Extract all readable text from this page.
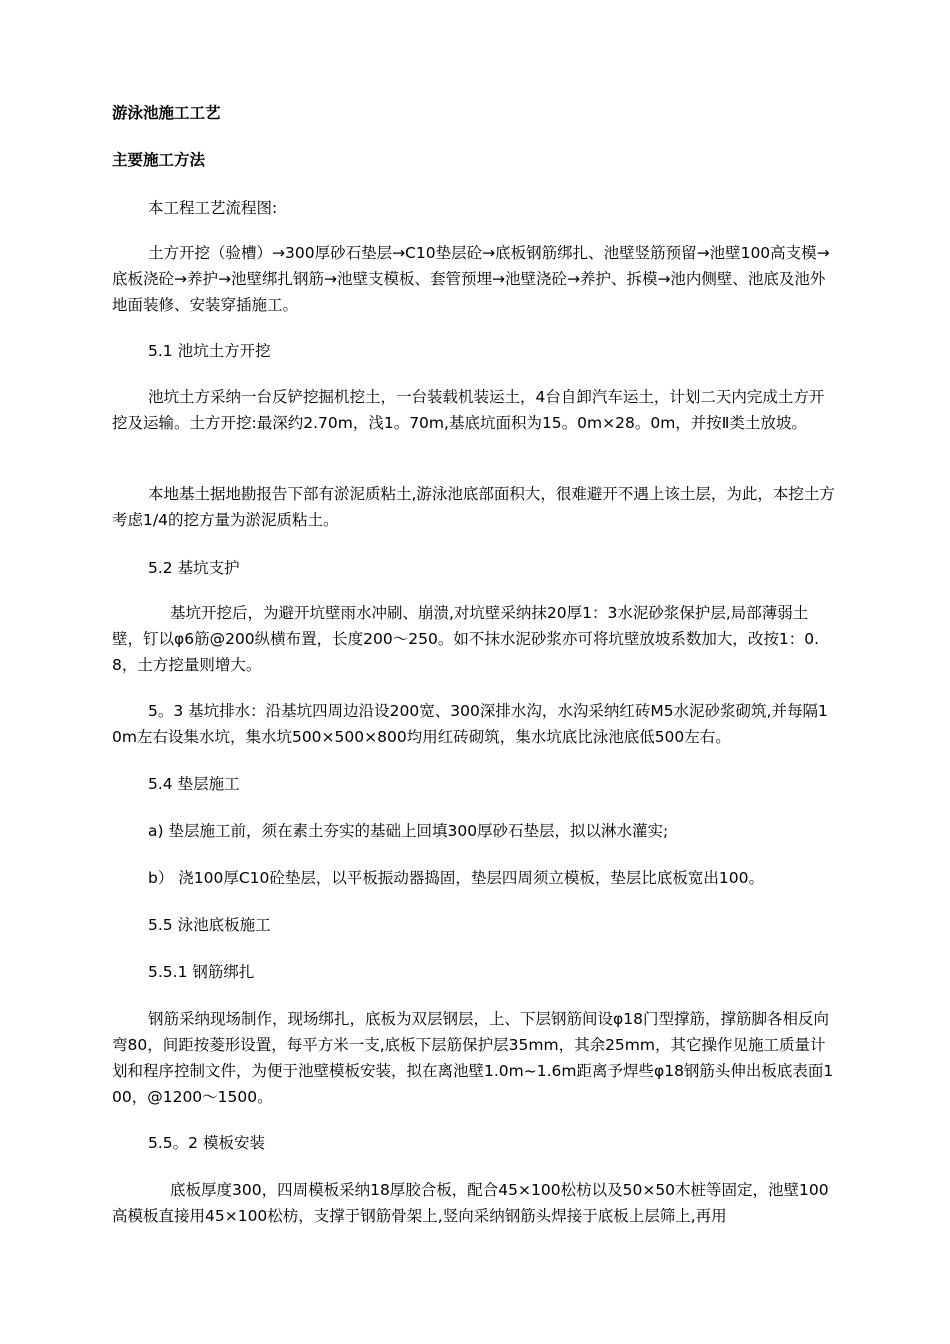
游泳池施工工艺

主要施工方法

本工程工艺流程图:

土方开挖（验槽）→300厚砂石垫层→C10垫层砼→底板钢筋绑扎、池壁竖筋预留→池壁100高支模→底板浇砼→养护→池壁绑扎钢筋→池壁支模板、套管预埋→池壁浇砼→养护、拆模→池内侧壁、池底及池外地面装修、安装穿插施工。

5.1 池坑土方开挖

池坑土方采纳一台反铲挖掘机挖土，一台装载机装运土，4台自卸汽车运土，计划二天内完成土方开挖及运输。土方开挖:最深约2.70m，浅1。70m,基底坑面积为15。0m×28。0m，并按Ⅱ类土放坡。

本地基土据地勘报告下部有淤泥质粘土,游泳池底部面积大，很难避开不遇上该土层，为此，本挖土方考虑1/4的挖方量为淤泥质粘土。

5.2 基坑支护

基坑开挖后，为避开坑壁雨水冲刷、崩溃,对坑壁采纳抹20厚1：3水泥砂浆保护层,局部薄弱土壁，钉以φ6筋@200纵横布置，长度200～250。如不抹水泥砂浆亦可将坑壁放坡系数加大，改按1：0.8，土方挖量则增大。

5。3 基坑排水：沿基坑四周边沿设200宽、300深排水沟，水沟采纳红砖M5水泥砂浆砌筑,并每隔10m左右设集水坑，集水坑500×500×800均用红砖砌筑，集水坑底比泳池底低500左右。

5.4 垫层施工

a) 垫层施工前，须在素土夯实的基础上回填300厚砂石垫层，拟以淋水灌实;

b） 浇100厚C10砼垫层，以平板振动器捣固，垫层四周须立模板，垫层比底板宽出100。

5.5 泳池底板施工

5.5.1 钢筋绑扎

钢筋采纳现场制作，现场绑扎，底板为双层钢层，上、下层钢筋间设φ18门型撑筋，撑筋脚各相反向弯80，间距按菱形设置，每平方米一支,底板下层筋保护层35mm，其余25mm，其它操作见施工质量计划和程序控制文件，为便于池壁模板安装，拟在离池壁1.0m~1.6m距离予焊些φ18钢筋头伸出板底表面100，@1200～1500。

5.5。2 模板安装

底板厚度300，四周模板采纳18厚胶合板，配合45×100松枋以及50×50木桩等固定，池壁100高模板直接用45×100松枋，支撑于钢筋骨架上,竖向采纳钢筋头焊接于底板上层筛上,再用
